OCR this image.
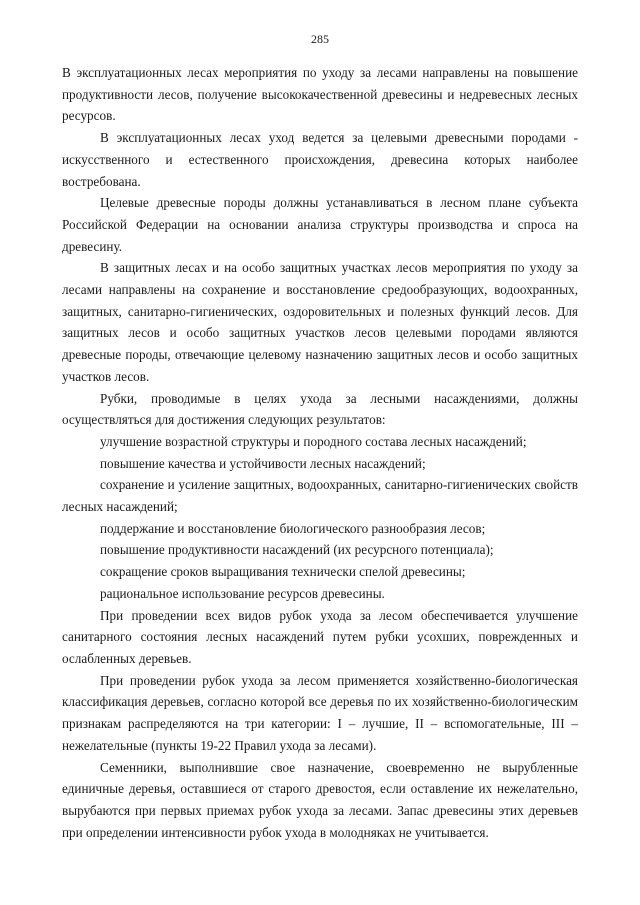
285

В эксплуатационных лесах мероприятия по уходу за лесами направлены на повышение продуктивности лесов, получение высококачественной древесины и недревесных лесных ресурсов.

В эксплуатационных лесах уход ведется за целевыми древесными породами - искусственного и естественного происхождения, древесина которых наиболее востребована.

Целевые древесные породы должны устанавливаться в лесном плане субъекта Российской Федерации на основании анализа структуры производства и спроса на древесину.

В защитных лесах и на особо защитных участках лесов мероприятия по уходу за лесами направлены на сохранение и восстановление средообразующих, водоохранных, защитных, санитарно-гигиенических, оздоровительных и полезных функций лесов. Для защитных лесов и особо защитных участков лесов целевыми породами являются древесные породы, отвечающие целевому назначению защитных лесов и особо защитных участков лесов.

Рубки, проводимые в целях ухода за лесными насаждениями, должны осуществляться для достижения следующих результатов:

улучшение возрастной структуры и породного состава лесных насаждений;

повышение качества и устойчивости лесных насаждений;

сохранение и усиление защитных, водоохранных, санитарно-гигиенических свойств лесных насаждений;

поддержание и восстановление биологического разнообразия лесов;

повышение продуктивности насаждений (их ресурсного потенциала);

сокращение сроков выращивания технически спелой древесины;

рациональное использование ресурсов древесины.

При проведении всех видов рубок ухода за лесом обеспечивается улучшение санитарного состояния лесных насаждений путем рубки усохших, поврежденных и ослабленных деревьев.

При проведении рубок ухода за лесом применяется хозяйственно-биологическая классификация деревьев, согласно которой все деревья по их хозяйственно-биологическим признакам распределяются на три категории: I – лучшие, II – вспомогательные, III – нежелательные (пункты 19-22 Правил ухода за лесами).

Семенники, выполнившие свое назначение, своевременно не вырубленные единичные деревья, оставшиеся от старого древостоя, если оставление их нежелательно, вырубаются при первых приемах рубок ухода за лесами. Запас древесины этих деревьев при определении интенсивности рубок ухода в молодняках не учитывается.
